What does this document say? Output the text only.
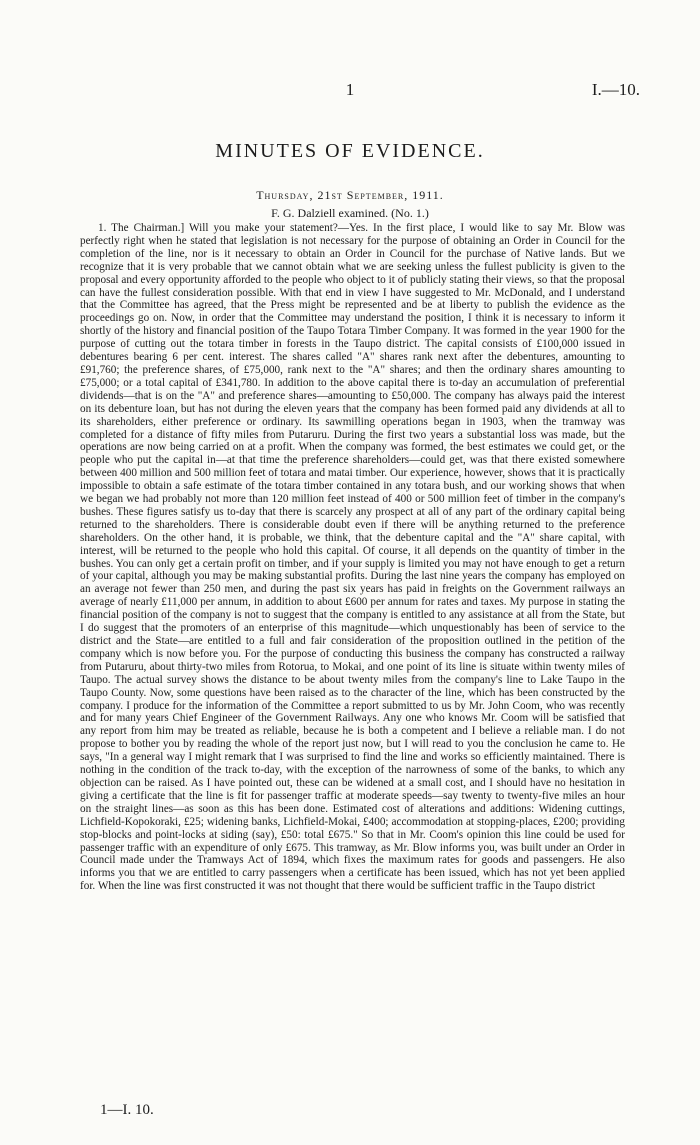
1	I.—10.
MINUTES OF EVIDENCE.
Thursday, 21st September, 1911.
F. G. Dalziell examined. (No. 1.)

1. The Chairman.] Will you make your statement?—Yes. In the first place, I would like to say Mr. Blow was perfectly right when he stated that legislation is not necessary for the purpose of obtaining an Order in Council for the completion of the line, nor is it necessary to obtain an Order in Council for the purchase of Native lands. But we recognize that it is very probable that we cannot obtain what we are seeking unless the fullest publicity is given to the proposal and every opportunity afforded to the people who object to it of publicly stating their views, so that the proposal can have the fullest consideration possible. With that end in view I have suggested to Mr. McDonald, and I understand that the Committee has agreed, that the Press might be represented and be at liberty to publish the evidence as the proceedings go on. Now, in order that the Committee may understand the position, I think it is necessary to inform it shortly of the history and financial position of the Taupo Totara Timber Company. It was formed in the year 1900 for the purpose of cutting out the totara timber in forests in the Taupo district. The capital consists of £100,000 issued in debentures bearing 6 per cent. interest. The shares called "A" shares rank next after the debentures, amounting to £91,760; the preference shares, of £75,000, rank next to the "A" shares; and then the ordinary shares amounting to £75,000; or a total capital of £341,780. In addition to the above capital there is to-day an accumulation of preferential dividends—that is on the "A" and preference shares—amounting to £50,000. The company has always paid the interest on its debenture loan, but has not during the eleven years that the company has been formed paid any dividends at all to its shareholders, either preference or ordinary. Its sawmilling operations began in 1903, when the tramway was completed for a distance of fifty miles from Putaruru. During the first two years a substantial loss was made, but the operations are now being carried on at a profit. When the company was formed, the best estimates we could get, or the people who put the capital in—at that time the preference shareholders—could get, was that there existed somewhere between 400 million and 500 million feet of totara and matai timber. Our experience, however, shows that it is practically impossible to obtain a safe estimate of the totara timber contained in any totara bush, and our working shows that when we began we had probably not more than 120 million feet instead of 400 or 500 million feet of timber in the company's bushes. These figures satisfy us to-day that there is scarcely any prospect at all of any part of the ordinary capital being returned to the shareholders. There is considerable doubt even if there will be anything returned to the preference shareholders. On the other hand, it is probable, we think, that the debenture capital and the "A" share capital, with interest, will be returned to the people who hold this capital. Of course, it all depends on the quantity of timber in the bushes. You can only get a certain profit on timber, and if your supply is limited you may not have enough to get a return of your capital, although you may be making substantial profits. During the last nine years the company has employed on an average not fewer than 250 men, and during the past six years has paid in freights on the Government railways an average of nearly £11,000 per annum, in addition to about £600 per annum for rates and taxes. My purpose in stating the financial position of the company is not to suggest that the company is entitled to any assistance at all from the State, but I do suggest that the promoters of an enterprise of this magnitude—which unquestionably has been of service to the district and the State—are entitled to a full and fair consideration of the proposition outlined in the petition of the company which is now before you. For the purpose of conducting this business the company has constructed a railway from Putaruru, about thirty-two miles from Rotorua, to Mokai, and one point of its line is situate within twenty miles of Taupo. The actual survey shows the distance to be about twenty miles from the company's line to Lake Taupo in the Taupo County. Now, some questions have been raised as to the character of the line, which has been constructed by the company. I produce for the information of the Committee a report submitted to us by Mr. John Coom, who was recently and for many years Chief Engineer of the Government Railways. Any one who knows Mr. Coom will be satisfied that any report from him may be treated as reliable, because he is both a competent and I believe a reliable man. I do not propose to bother you by reading the whole of the report just now, but I will read to you the conclusion he came to. He says, "In a general way I might remark that I was surprised to find the line and works so efficiently maintained. There is nothing in the condition of the track to-day, with the exception of the narrowness of some of the banks, to which any objection can be raised. As I have pointed out, these can be widened at a small cost, and I should have no hesitation in giving a certificate that the line is fit for passenger traffic at moderate speeds—say twenty to twenty-five miles an hour on the straight lines—as soon as this has been done. Estimated cost of alterations and additions: Widening cuttings, Lichfield-Kopokoraki, £25; widening banks, Lichfield-Mokai, £400; accommodation at stopping-places, £200; providing stop-blocks and point-locks at siding (say), £50: total £675." So that in Mr. Coom's opinion this line could be used for passenger traffic with an expenditure of only £675. This tramway, as Mr. Blow informs you, was built under an Order in Council made under the Tramways Act of 1894, which fixes the maximum rates for goods and passengers. He also informs you that we are entitled to carry passengers when a certificate has been issued, which has not yet been applied for. When the line was first constructed it was not thought that there would be sufficient traffic in the Taupo district

1—I. 10.
